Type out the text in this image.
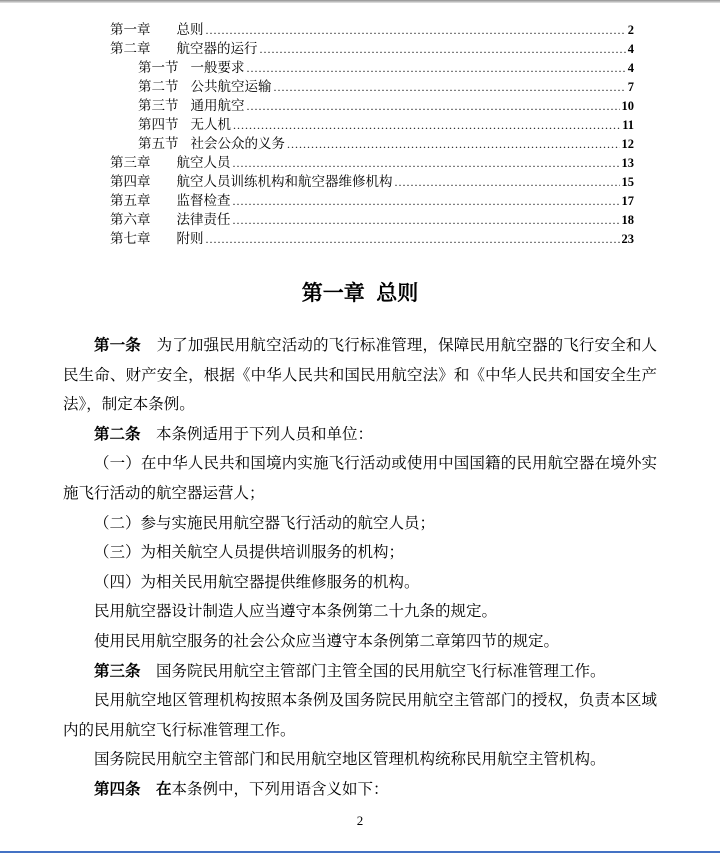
第一章 总则 .....	2
第二章 航空器的运行 .....	4
第一节 一般要求 .....	4
第二节 公共航空运输 .....	7
第三节 通用航空 .....	10
第四节 无人机 .....	11
第五节 社会公众的义务 .....	12
第三章 航空人员 .....	13
第四章 航空人员训练机构和航空器维修机构 .....	15
第五章 监督检查 .....	17
第六章 法律责任 .....	18
第七章 附则 .....	23
第一章 总则

第一条　为了加强民用航空活动的飞行标准管理，保障民用航空器的飞行安全和人民生命、财产安全，根据《中华人民共和国民用航空法》和《中华人民共和国安全生产法》，制定本条例。

第二条　本条例适用于下列人员和单位：

（一）在中华人民共和国境内实施飞行活动或使用中国国籍的民用航空器在境外实施飞行活动的航空器运营人；

（二）参与实施民用航空器飞行活动的航空人员；

（三）为相关航空人员提供培训服务的机构；

（四）为相关民用航空器提供维修服务的机构。

民用航空器设计制造人应当遵守本条例第二十九条的规定。

使用民用航空服务的社会公众应当遵守本条例第二章第四节的规定。

第三条　国务院民用航空主管部门主管全国的民用航空飞行标准管理工作。

民用航空地区管理机构按照本条例及国务院民用航空主管部门的授权，负责本区域内的民用航空飞行标准管理工作。

国务院民用航空主管部门和民用航空地区管理机构统称民用航空主管机构。

第四条　在本条例中，下列用语含义如下：

2
